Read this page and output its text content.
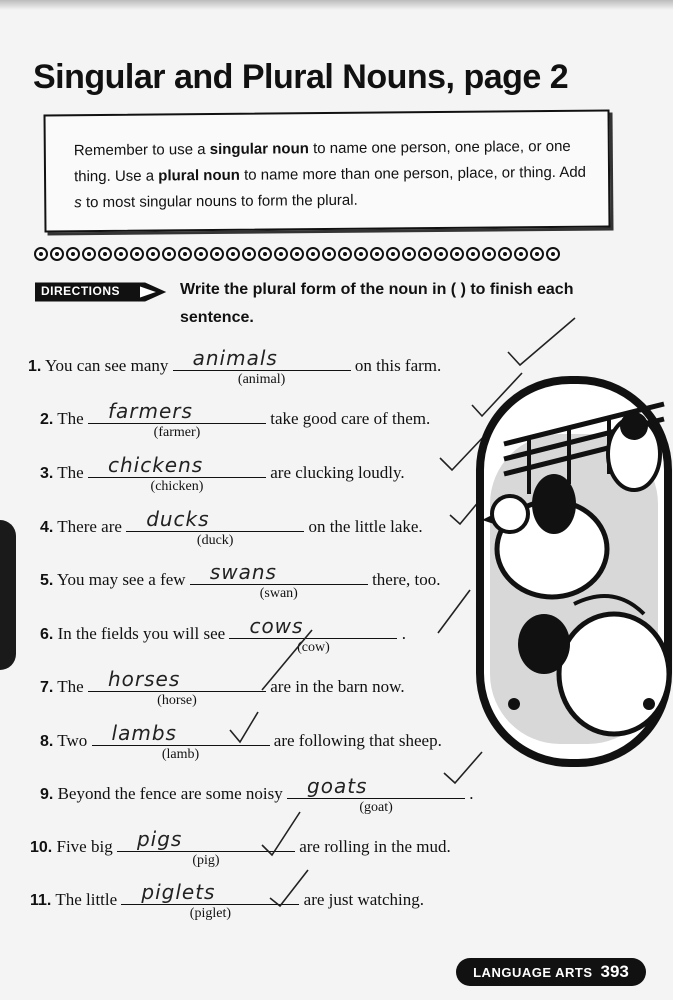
Singular and Plural Nouns, page 2
Remember to use a singular noun to name one person, one place, or one thing. Use a plural noun to name more than one person, place, or thing. Add s to most singular nouns to form the plural.
DIRECTIONS	Write the plural form of the noun in ( ) to finish each sentence.
1. You can see many animals
(animal)
on this farm.
2. The farmers
(farmer)
take good care of them.
3. The chickens
(chicken)
are clucking loudly.
4. There are ducks
(duck)
on the little lake.
5. You may see a few swans
(swan)
there, too.
6. In the fields you will see cows
(cow)
.
7. The horses
(horse)
are in the barn now.
8. Two lambs
(lamb)
are following that sheep.
9. Beyond the fence are some noisy goats
(goat)
.
10. Five big pigs
(pig)
are rolling in the mud.
11. The little piglets
(piglet)
are just watching.
LANGUAGE ARTS 393
